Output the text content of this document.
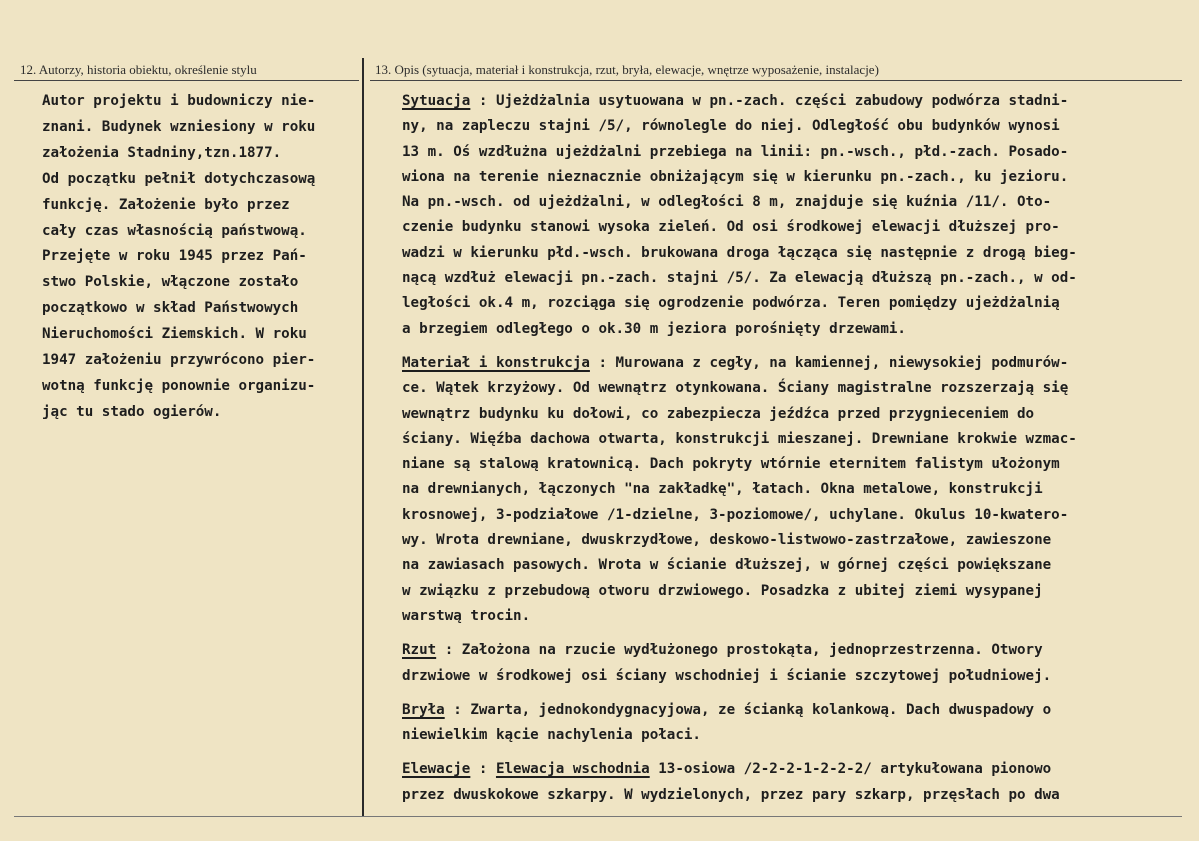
12. Autorzy, historia obiektu, określenie stylu	13. Opis (sytuacja, materiał i konstrukcja, rzut, bryła, elewacje, wnętrze wyposażenie, instalacje)
Autor projektu i budowniczy nie-
znani. Budynek wzniesiony w roku
założenia Stadniny,tzn.1877.
Od początku pełnił dotychczasową
funkcję. Założenie było przez
cały czas własnością państwową.
Przejęte w roku 1945 przez Pań-
stwo Polskie, włączone zostało
początkowo w skład Państwowych
Nieruchomości Ziemskich. W roku
1947 założeniu przywrócono pier-
wotną funkcję ponownie organizu-
jąc tu stado ogierów.
Sytuacja : Ujeżdżalnia usytuowana w pn.-zach. części zabudowy podwórza stadni-
ny, na zapleczu stajni /5/, równolegle do niej. Odległość obu budynków wynosi
13 m. Oś wzdłużna ujeżdżalni przebiega na linii: pn.-wsch., płd.-zach. Posado-
wiona na terenie nieznacznie obniżającym się w kierunku pn.-zach., ku jezioru.
Na pn.-wsch. od ujeżdżalni, w odległości 8 m, znajduje się kuźnia /11/. Oto-
czenie budynku stanowi wysoka zieleń. Od osi środkowej elewacji dłuższej pro-
wadzi w kierunku płd.-wsch. brukowana droga łącząca się następnie z drogą bieg-
nącą wzdłuż elewacji pn.-zach. stajni /5/. Za elewacją dłuższą pn.-zach., w od-
ległości ok.4 m, rozciąga się ogrodzenie podwórza. Teren pomiędzy ujeżdżalnią
a brzegiem odległego o ok.30 m jeziora porośnięty drzewami.
Materiał i konstrukcja : Murowana z cegły, na kamiennej, niewysokiej podmurów-
ce. Wątek krzyżowy. Od wewnątrz otynkowana. Ściany magistralne rozszerzają się
wewnątrz budynku ku dołowi, co zabezpiecza jeźdźca przed przygnieceniem do
ściany. Więźba dachowa otwarta, konstrukcji mieszanej. Drewniane krokwie wzmac-
niane są stalową kratownicą. Dach pokryty wtórnie eternitem falistym ułożonym
na drewnianych, łączonych "na zakładkę", łatach. Okna metalowe, konstrukcji
krosnowej, 3-podziałowe /1-dzielne, 3-poziomowe/, uchylane. Okulus 10-kwatero-
wy. Wrota drewniane, dwuskrzydłowe, deskowo-listwowo-zastrzałowe, zawieszone
na zawiasach pasowych. Wrota w ścianie dłuższej, w górnej części powiększane
w związku z przebudową otworu drzwiowego. Posadzka z ubitej ziemi wysypanej
warstwą trocin.
Rzut : Założona na rzucie wydłużonego prostokąta, jednoprzestrzenna. Otwory
drzwiowe w środkowej osi ściany wschodniej i ścianie szczytowej południowej.
Bryła : Zwarta, jednokondygnacyjowa, ze ścianką kolankową. Dach dwuspadowy o
niewielkim kącie nachylenia połaci.
Elewacje : Elewacja wschodnia 13-osiowa /2-2-2-1-2-2-2/ artykułowana pionowo
przez dwuskokowe szkarpy. W wydzielonych, przez pary szkarp, przęsłach po dwa
